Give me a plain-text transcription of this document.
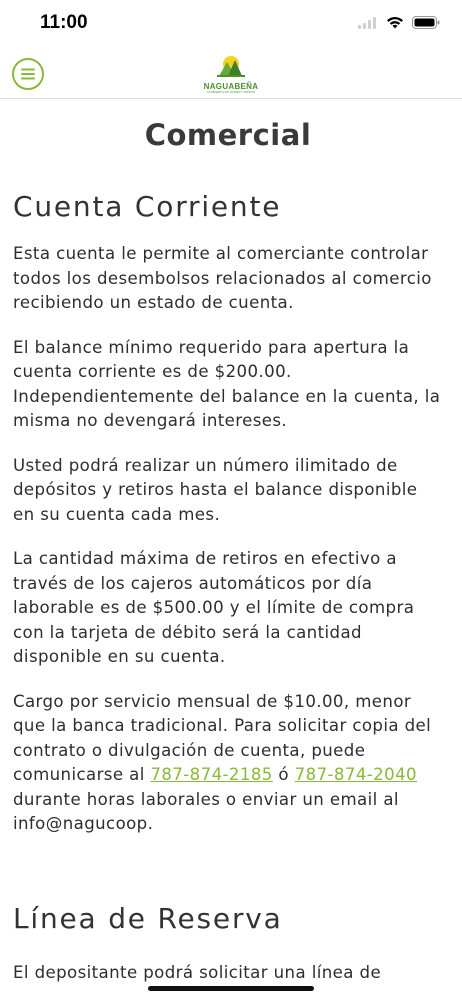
11:00
NAGUABEÑA
COOPERATIVA DE AHORRO Y CRÉDITO
Comercial
Cuenta Corriente

Esta cuenta le permite al comerciante controlar todos los desembolsos relacionados al comercio recibiendo un estado de cuenta.

El balance mínimo requerido para apertura la cuenta corriente es de $200.00. Independientemente del balance en la cuenta, la misma no devengará intereses.

Usted podrá realizar un número ilimitado de depósitos y retiros hasta el balance disponible en su cuenta cada mes.

La cantidad máxima de retiros en efectivo a través de los cajeros automáticos por día laborable es de $500.00 y el límite de compra con la tarjeta de débito será la cantidad disponible en su cuenta.

Cargo por servicio mensual de $10.00, menor que la banca tradicional. Para solicitar copia del contrato o divulgación de cuenta, puede comunicarse al 787-874-2185 ó 787-874-2040 durante horas laborales o enviar un email al info@nagucoop.

Línea de Reserva

El depositante podrá solicitar una línea de
